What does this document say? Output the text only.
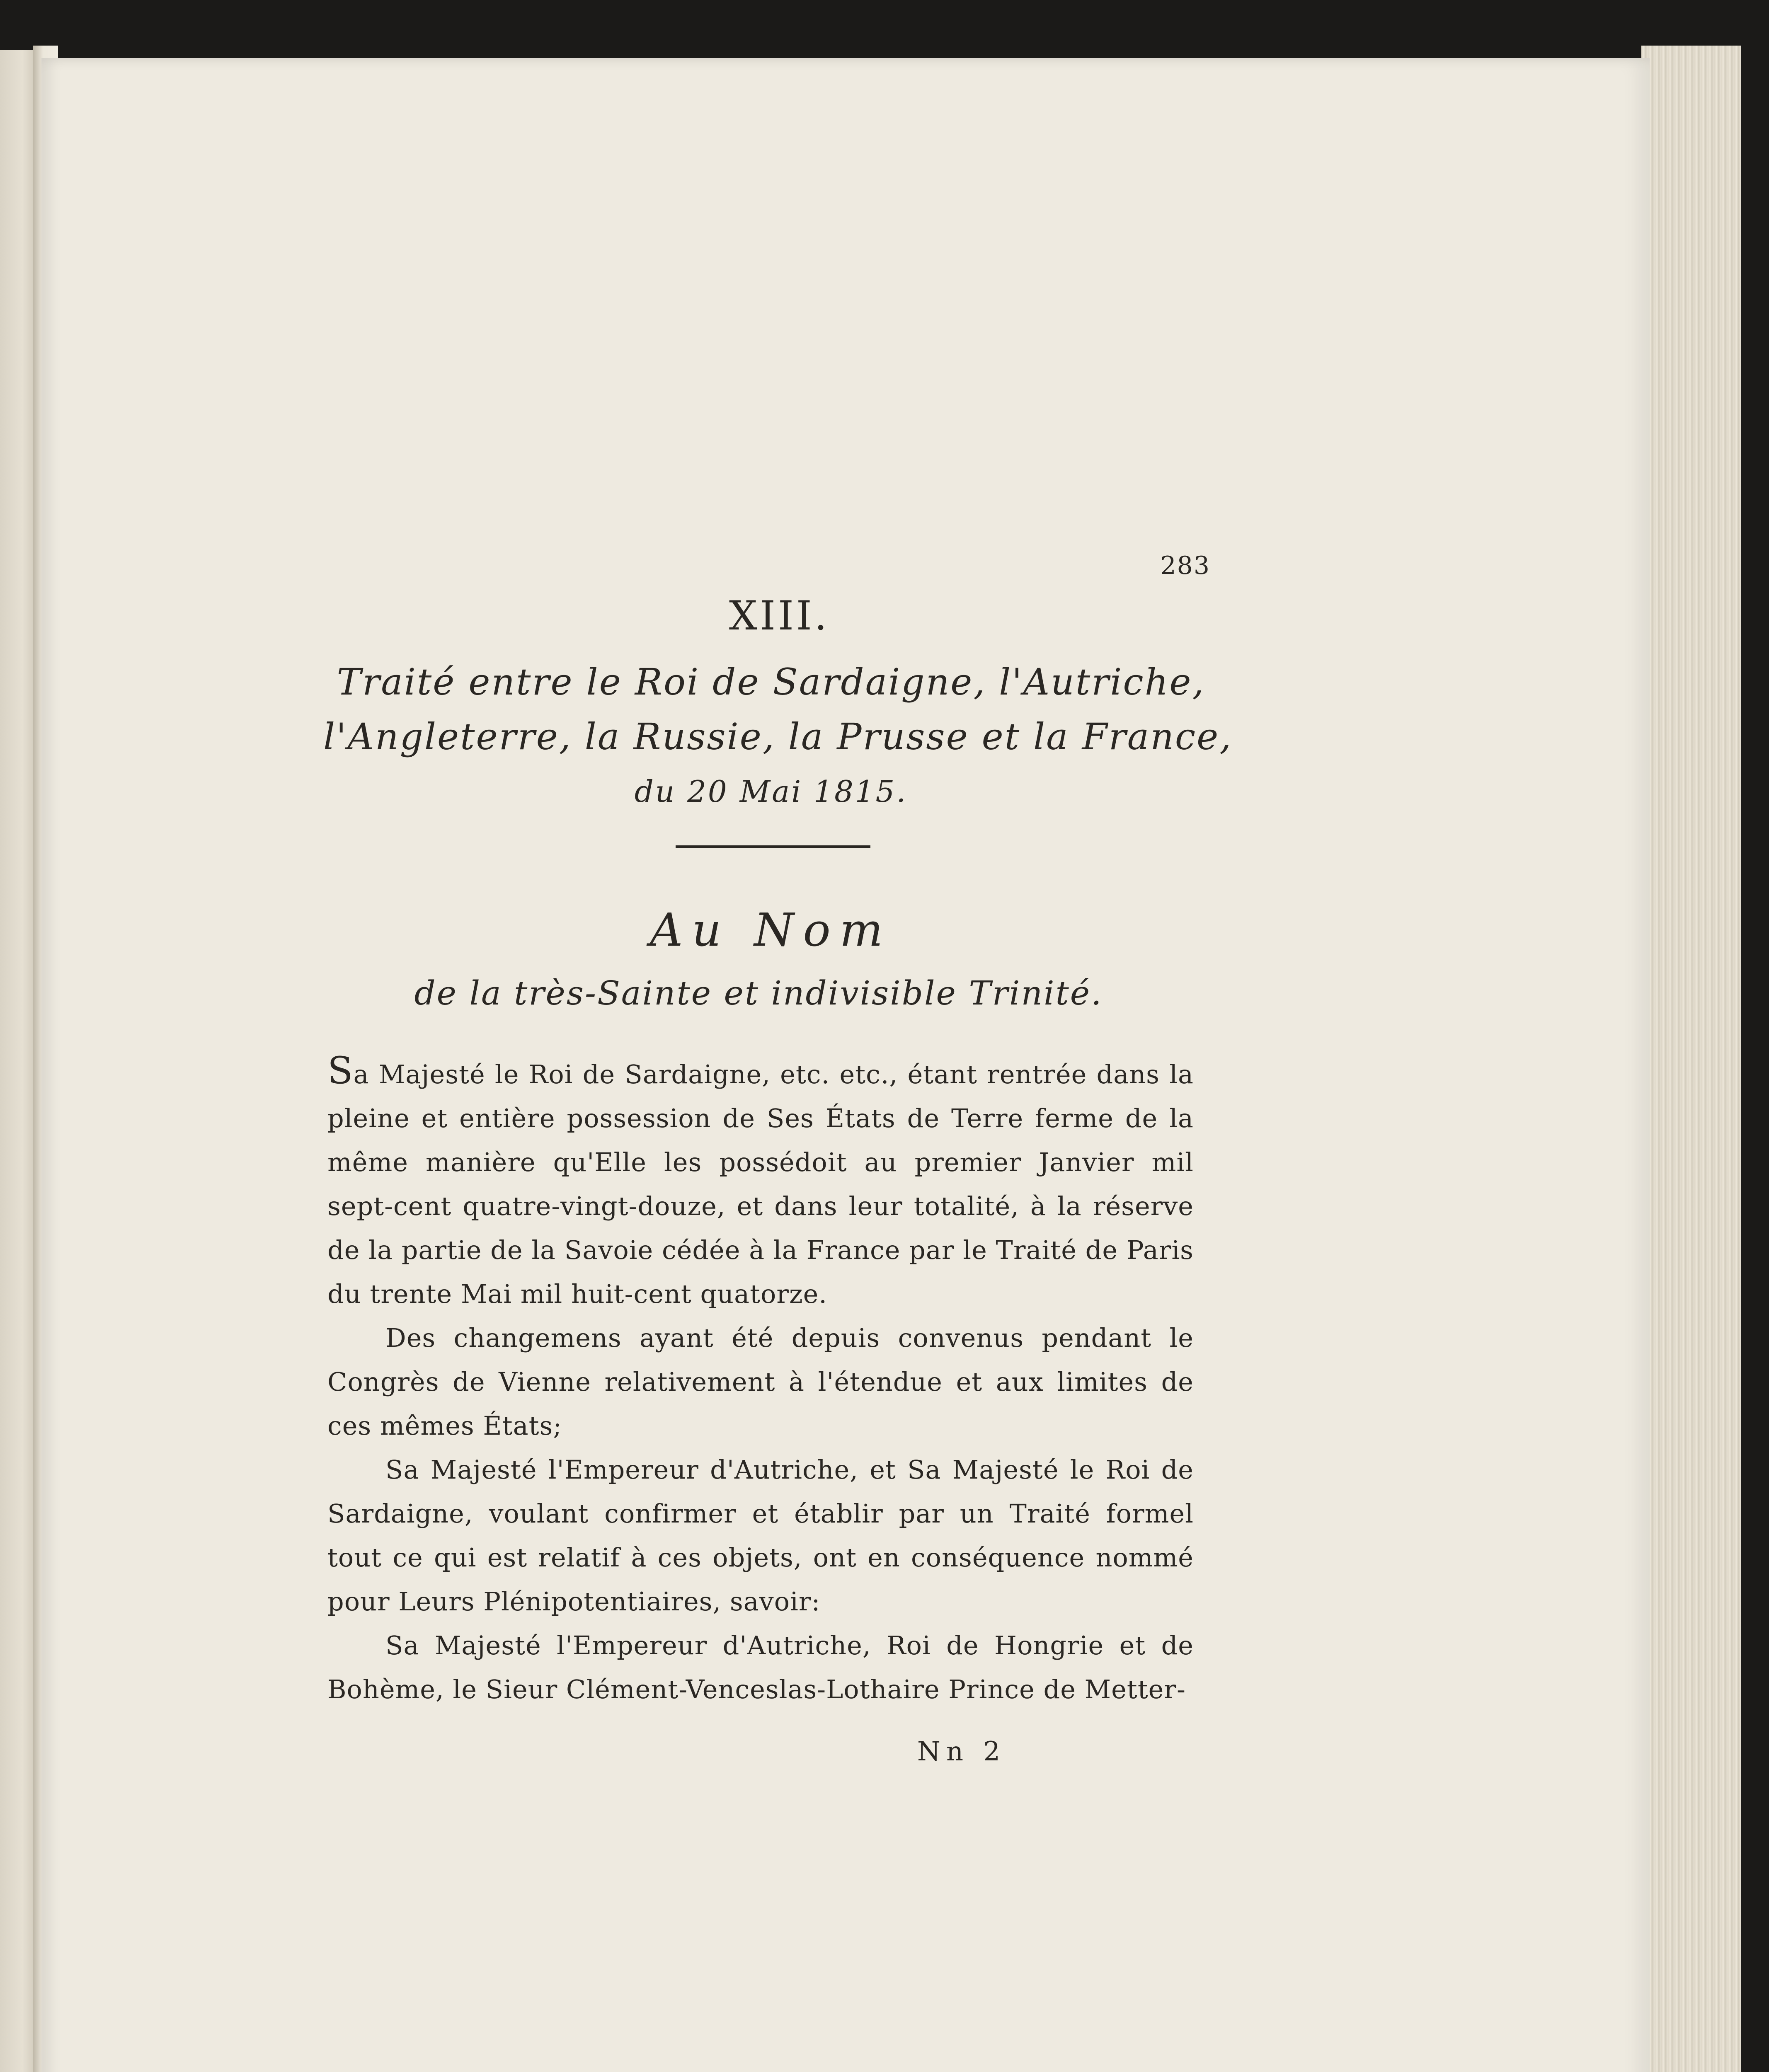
283
XIII.
Traité entre le Roi de Sardaigne, l'Autriche,
l'Angleterre, la Russie, la Prusse et la France,
du 20 Mai 1815.
Au Nom
de la très-Sainte et indivisible Trinité.

Sa Majesté le Roi de Sardaigne, etc. etc., étant rentrée dans la pleine et entière possession de Ses États de Terre ferme de la même manière qu'Elle les possédoit au premier Janvier mil sept-cent quatre-vingt-douze, et dans leur totalité, à la réserve de la partie de la Savoie cédée à la France par le Traité de Paris du trente Mai mil huit-cent quatorze.

Des changemens ayant été depuis convenus pendant le Congrès de Vienne relativement à l'étendue et aux limites de ces mêmes États;

Sa Majesté l'Empereur d'Autriche, et Sa Majesté le Roi de Sardaigne, voulant confirmer et établir par un Traité formel tout ce qui est relatif à ces objets, ont en conséquence nommé pour Leurs Plénipotentiaires, savoir:

Sa Majesté l'Empereur d'Autriche, Roi de Hongrie et de Bohème, le Sieur Clément-Venceslas-Lothaire Prince de Metter-

Nn 2
